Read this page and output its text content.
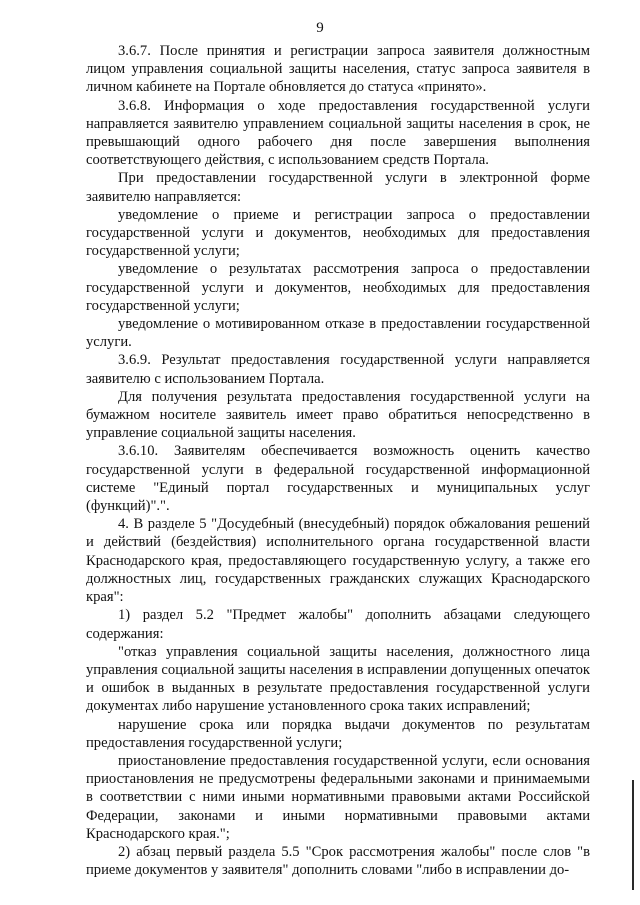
9

3.6.7. После принятия и регистрации запроса заявителя должностным лицом управления социальной защиты населения, статус запроса заявителя в личном кабинете на Портале обновляется до статуса «принято».

3.6.8. Информация о ходе предоставления государственной услуги направляется заявителю управлением социальной защиты населения в срок, не превышающий одного рабочего дня после завершения выполнения соответствующего действия, с использованием средств Портала.

При предоставлении государственной услуги в электронной форме заявителю направляется:

уведомление о приеме и регистрации запроса о предоставлении государственной услуги и документов, необходимых для предоставления государственной услуги;

уведомление о результатах рассмотрения запроса о предоставлении государственной услуги и документов, необходимых для предоставления государственной услуги;

уведомление о мотивированном отказе в предоставлении государственной услуги.

3.6.9. Результат предоставления государственной услуги направляется заявителю с использованием Портала.

Для получения результата предоставления государственной услуги на бумажном носителе заявитель имеет право обратиться непосредственно в управление социальной защиты населения.

3.6.10. Заявителям обеспечивается возможность оценить качество государственной услуги в федеральной государственной информационной системе "Единый портал государственных и муниципальных услуг (функций)".".

4. В разделе 5 "Досудебный (внесудебный) порядок обжалования решений и действий (бездействия) исполнительного органа государственной власти Краснодарского края, предоставляющего государственную услугу, а также его должностных лиц, государственных гражданских служащих Краснодарского края":

1) раздел 5.2 "Предмет жалобы" дополнить абзацами следующего содержания:

"отказ управления социальной защиты населения, должностного лица управления социальной защиты населения в исправлении допущенных опечаток и ошибок в выданных в результате предоставления государственной услуги документах либо нарушение установленного срока таких исправлений;

нарушение срока или порядка выдачи документов по результатам предоставления государственной услуги;

приостановление предоставления государственной услуги, если основания приостановления не предусмотрены федеральными законами и принимаемыми в соответствии с ними иными нормативными правовыми актами Российской Федерации, законами и иными нормативными правовыми актами Краснодарского края.";

2) абзац первый раздела 5.5 "Срок рассмотрения жалобы" после слов "в приеме документов у заявителя" дополнить словами "либо в исправлении до-
